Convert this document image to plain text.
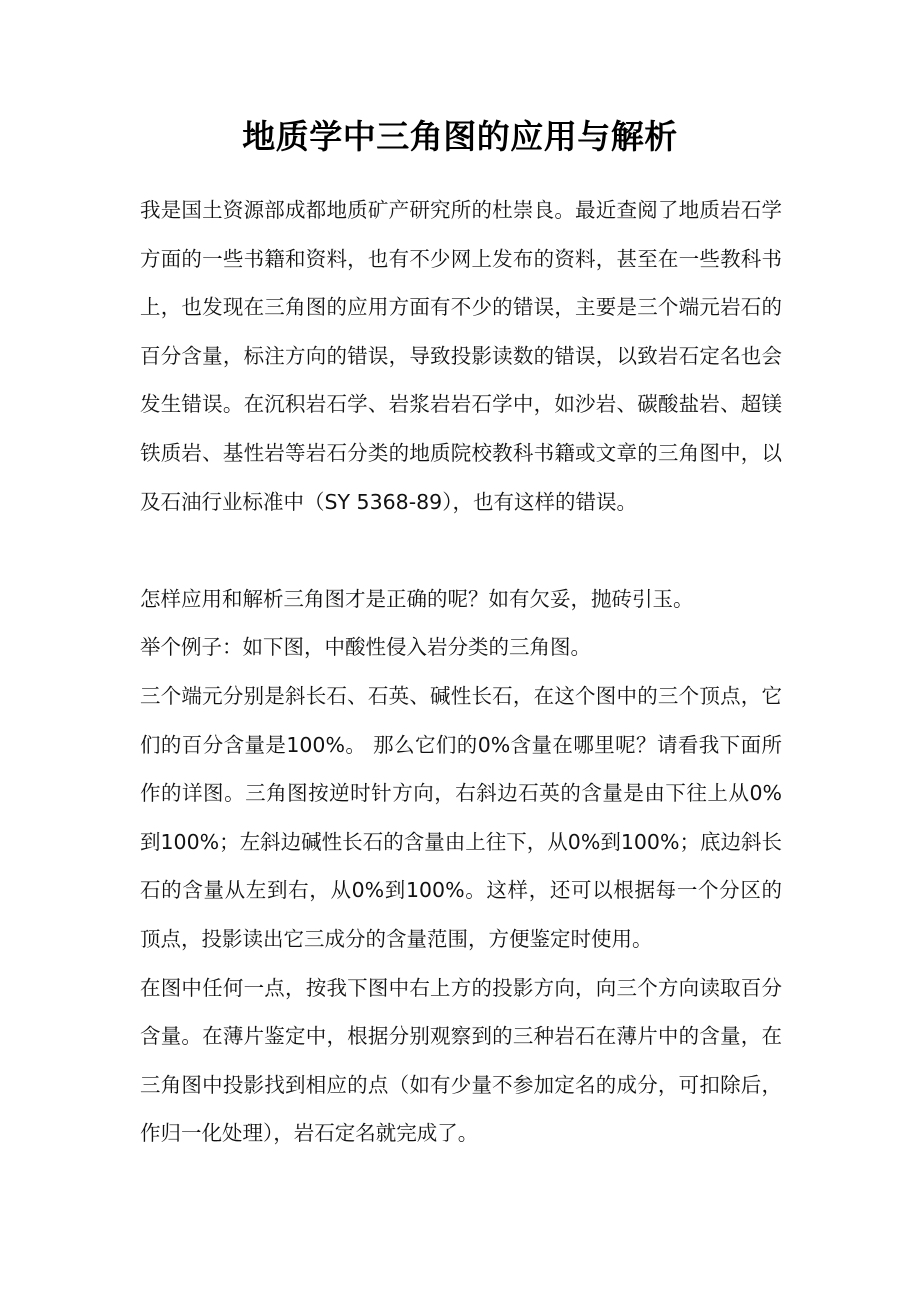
地质学中三角图的应用与解析

我是国土资源部成都地质矿产研究所的杜崇良。最近查阅了地质岩石学方面的一些书籍和资料，也有不少网上发布的资料，甚至在一些教科书上，也发现在三角图的应用方面有不少的错误，主要是三个端元岩石的百分含量，标注方向的错误，导致投影读数的错误，以致岩石定名也会发生错误。在沉积岩石学、岩浆岩岩石学中，如沙岩、碳酸盐岩、超镁铁质岩、基性岩等岩石分类的地质院校教科书籍或文章的三角图中，以及石油行业标准中（SY 5368-89），也有这样的错误。

怎样应用和解析三角图才是正确的呢？如有欠妥，抛砖引玉。

举个例子：如下图，中酸性侵入岩分类的三角图。

三个端元分别是斜长石、石英、碱性长石，在这个图中的三个顶点，它们的百分含量是100%。 那么它们的0%含量在哪里呢？请看我下面所作的详图。三角图按逆时针方向，右斜边石英的含量是由下往上从0%到100%；左斜边碱性长石的含量由上往下，从0%到100%；底边斜长石的含量从左到右，从0%到100%。这样，还可以根据每一个分区的顶点，投影读出它三成分的含量范围，方便鉴定时使用。

在图中任何一点，按我下图中右上方的投影方向，向三个方向读取百分含量。在薄片鉴定中，根据分别观察到的三种岩石在薄片中的含量，在三角图中投影找到相应的点（如有少量不参加定名的成分，可扣除后，作归一化处理），岩石定名就完成了。
